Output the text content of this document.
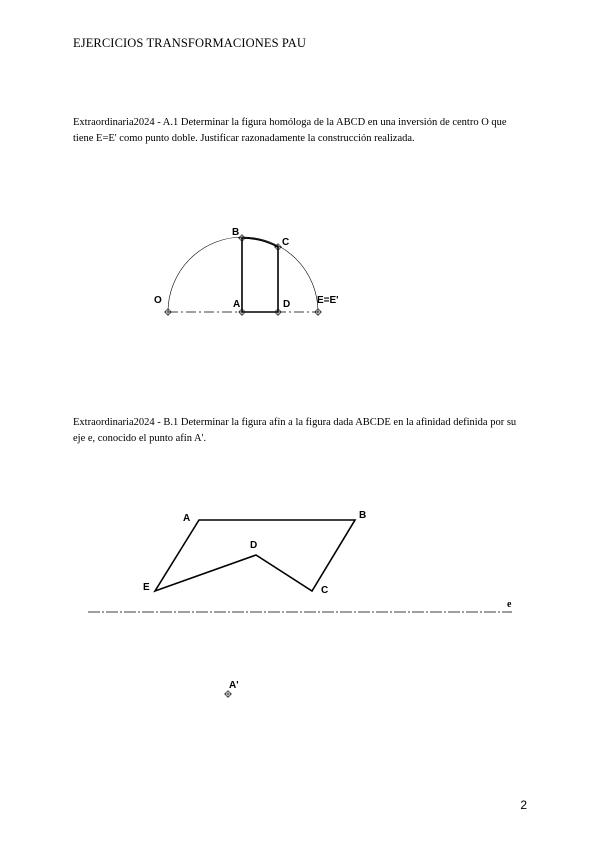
EJERCICIOS TRANSFORMACIONES PAU
Extraordinaria2024 - A.1 Determinar la figura homóloga de la ABCD en una inversión de centro O que tiene E=E' como punto doble. Justificar razonadamente la construcción realizada.
B
C
O	A	D	E=E'
Extraordinaria2024 - B.1 Determinar la figura afín a la figura dada ABCDE en la afinidad definida por su eje e, conocido el punto afín A'.
A	B
D
E	C
e
A'
2
